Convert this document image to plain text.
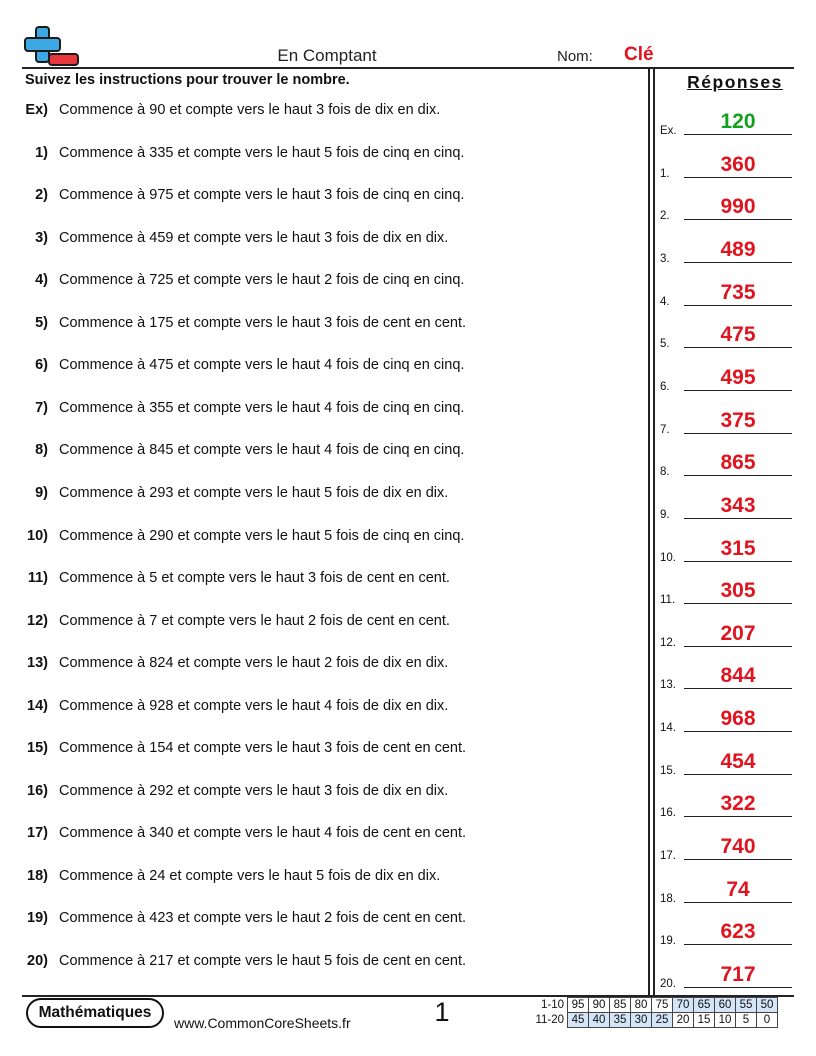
En Comptant	Nom: Clé
Suivez les instructions pour trouver le nombre.	Réponses
Ex) Commence à 90 et compte vers le haut 3 fois de dix en dix.
1) Commence à 335 et compte vers le haut 5 fois de cinq en cinq.
2) Commence à 975 et compte vers le haut 3 fois de cinq en cinq.
3) Commence à 459 et compte vers le haut 3 fois de dix en dix.
4) Commence à 725 et compte vers le haut 2 fois de cinq en cinq.
5) Commence à 175 et compte vers le haut 3 fois de cent en cent.
6) Commence à 475 et compte vers le haut 4 fois de cinq en cinq.
7) Commence à 355 et compte vers le haut 4 fois de cinq en cinq.
8) Commence à 845 et compte vers le haut 4 fois de cinq en cinq.
9) Commence à 293 et compte vers le haut 5 fois de dix en dix.
10) Commence à 290 et compte vers le haut 5 fois de cinq en cinq.
11) Commence à 5 et compte vers le haut 3 fois de cent en cent.
12) Commence à 7 et compte vers le haut 2 fois de cent en cent.
13) Commence à 824 et compte vers le haut 2 fois de dix en dix.
14) Commence à 928 et compte vers le haut 4 fois de dix en dix.
15) Commence à 154 et compte vers le haut 3 fois de cent en cent.
16) Commence à 292 et compte vers le haut 3 fois de dix en dix.
17) Commence à 340 et compte vers le haut 4 fois de cent en cent.
18) Commence à 24 et compte vers le haut 5 fois de dix en dix.
19) Commence à 423 et compte vers le haut 2 fois de cent en cent.
20) Commence à 217 et compte vers le haut 5 fois de cent en cent.
Ex.	120
1.	360
2.	990
3.	489
4.	735
5.	475
6.	495
7.	375
8.	865
9.	343
10.	315
11.	305
12.	207
13.	844
14.	968
15.	454
16.	322
17.	740
18.	74
19.	623
20.	717
Mathématiques
www.CommonCoreSheets.fr	1	1-10	95	90	85	80	75	70	65	60	55	50
11-20	45	40	35	30	25	20	15	10	5	0
